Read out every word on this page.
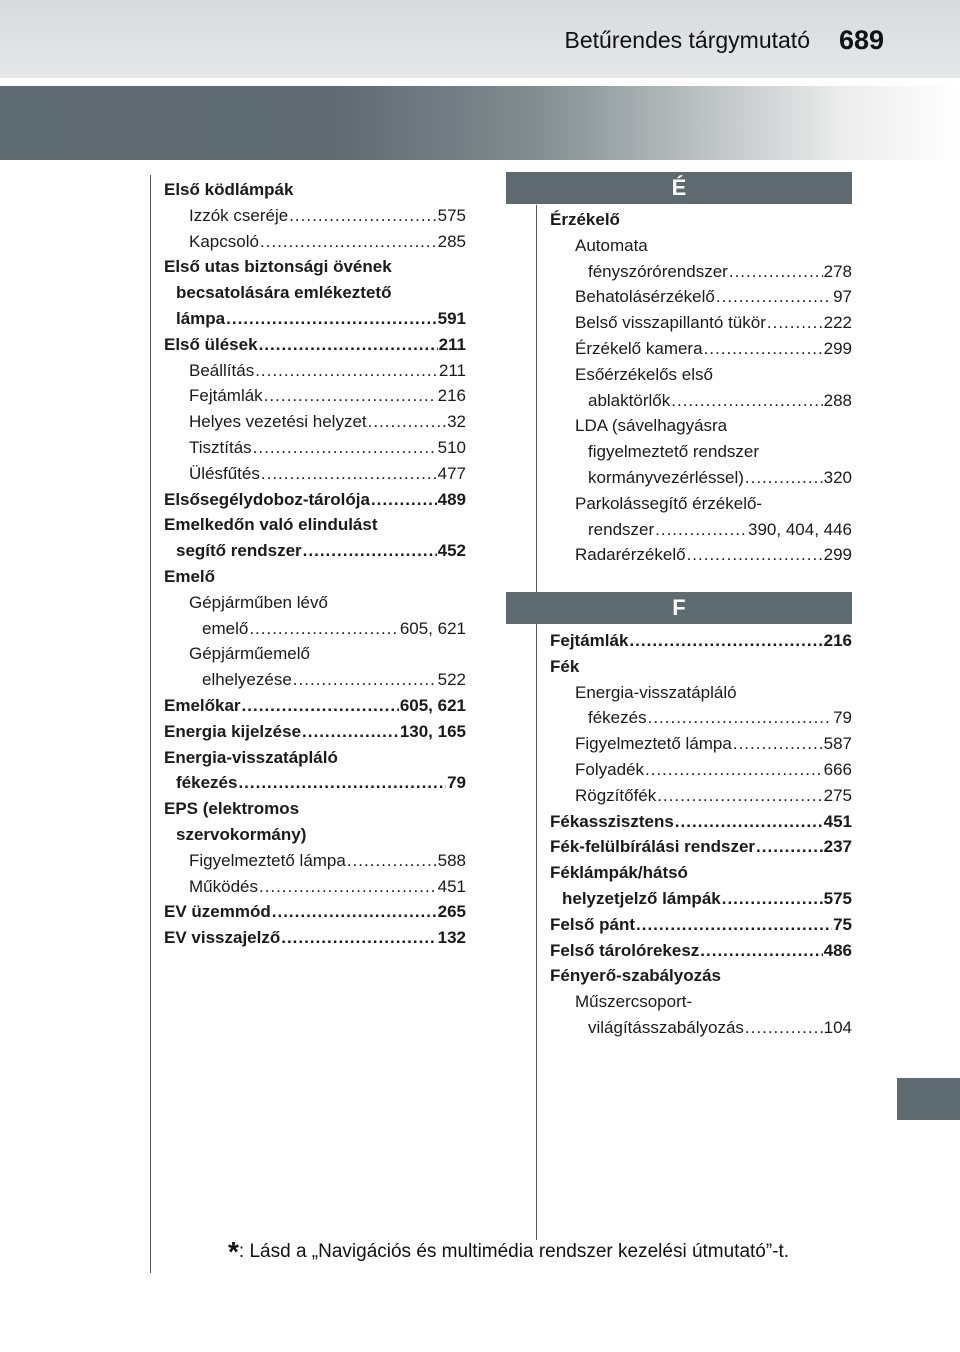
Betűrendes tárgymutató 689
Első ködlámpák
Izzók cseréje .....	575
Kapcsoló .....	285
Első utas biztonsági övének
becsatolására emlékeztető
lámpa .....	591
Első ülések .....	211
Beállítás .....	211
Fejtámlák .....	216
Helyes vezetési helyzet .....	32
Tisztítás .....	510
Ülésfűtés .....	477
Elsősegélydoboz-tárolója .....	489
Emelkedőn való elindulást
segítő rendszer .....	452
Emelő
Gépjárműben lévő
emelő .....	605, 621
Gépjárműemelő
elhelyezése .....	522
Emelőkar .....	605, 621
Energia kijelzése .....	130, 165
Energia-visszatápláló
fékezés .....	79
EPS (elektromos
szervokormány)
Figyelmeztető lámpa .....	588
Működés .....	451
EV üzemmód .....	265
EV visszajelző .....	132
É
Érzékelő
Automata
fényszórórendszer .....	278
Behatolásérzékelő .....	97
Belső visszapillantó tükör .....	222
Érzékelő kamera .....	299
Esőérzékelős első
ablaktörlők .....	288
LDA (sávelhagyásra
figyelmeztető rendszer
kormányvezérléssel) .....	320
Parkolássegítő érzékelő-
rendszer .....	390, 404, 446
Radarérzékelő .....	299
F
Fejtámlák .....	216
Fék
Energia-visszatápláló
fékezés .....	79
Figyelmeztető lámpa .....	587
Folyadék .....	666
Rögzítőfék .....	275
Fékasszisztens .....	451
Fék-felülbírálási rendszer .....	237
Féklámpák/hátsó
helyzetjelző lámpák .....	575
Felső pánt .....	75
Felső tárolórekesz .....	486
Fényerő-szabályozás
Műszercsoport-
világításszabályozás .....	104
*: Lásd a „Navigációs és multimédia rendszer kezelési útmutató”-t.
